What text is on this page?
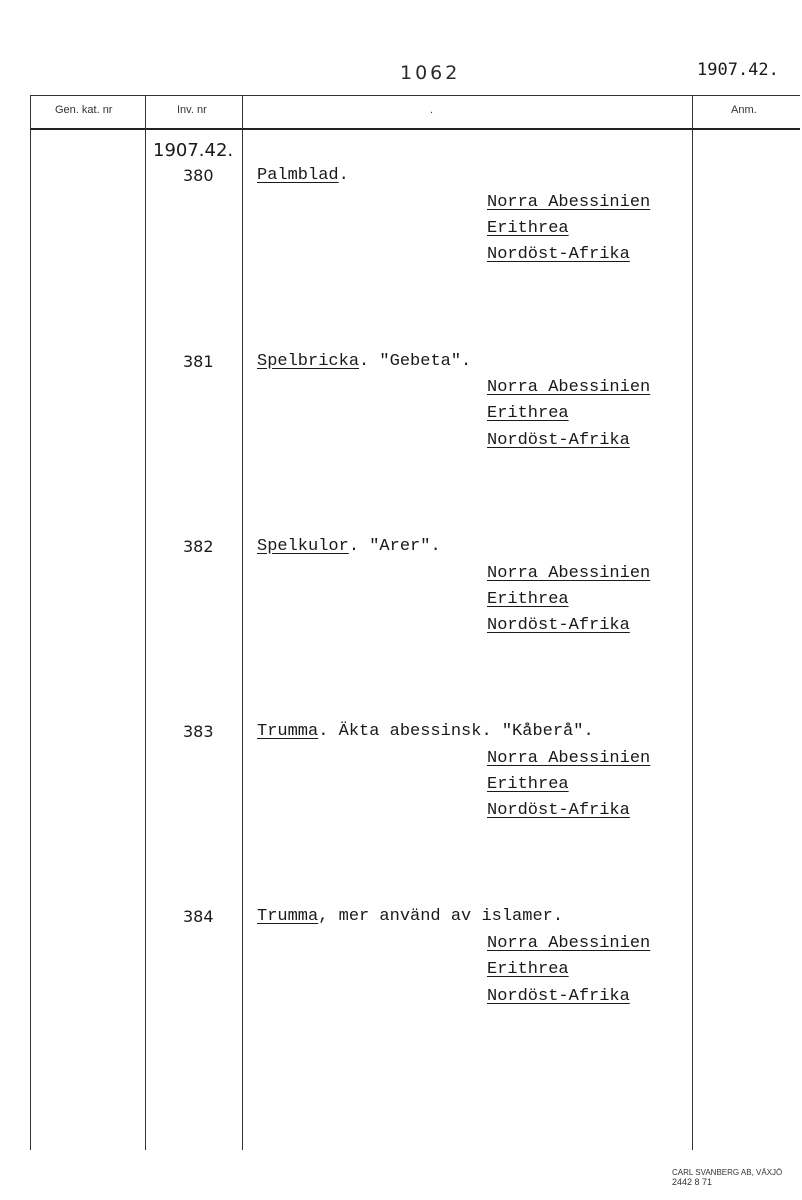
1062	1907.42.
Gen. kat. nr	Inv. nr	.	Anm.
1907.42.
380	Palmblad.
Norra Abessinien
Erithrea
Nordöst-Afrika
381	Spelbricka. "Gebeta".
Norra Abessinien
Erithrea
Nordöst-Afrika
382	Spelkulor. "Arer".
Norra Abessinien
Erithrea
Nordöst-Afrika
383	Trumma. Äkta abessinsk. "Kåberå".
Norra Abessinien
Erithrea
Nordöst-Afrika
384	Trumma, mer använd av islamer.
Norra Abessinien
Erithrea
Nordöst-Afrika
CARL SVANBERG AB, VÄXJÖ 2442 8 71
